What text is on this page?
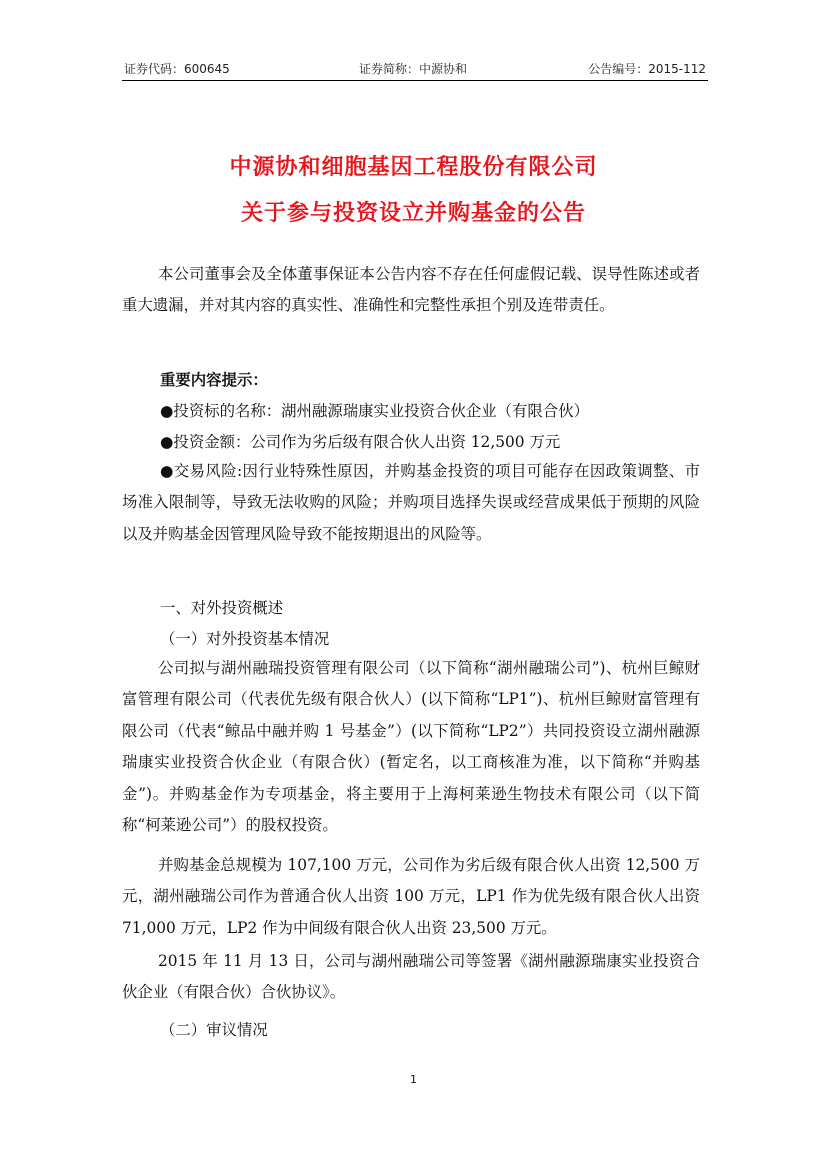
证券代码：600645	证券简称：中源协和	公告编号：2015-112
中源协和细胞基因工程股份有限公司
关于参与投资设立并购基金的公告
本公司董事会及全体董事保证本公告内容不存在任何虚假记载、误导性陈述或者重大遗漏，并对其内容的真实性、准确性和完整性承担个别及连带责任。
重要内容提示：
●投资标的名称：湖州融源瑞康实业投资合伙企业（有限合伙）
●投资金额：公司作为劣后级有限合伙人出资 12,500 万元
●交易风险:因行业特殊性原因，并购基金投资的项目可能存在因政策调整、市场准入限制等，导致无法收购的风险；并购项目选择失误或经营成果低于预期的风险以及并购基金因管理风险导致不能按期退出的风险等。
一、对外投资概述
（一）对外投资基本情况
公司拟与湖州融瑞投资管理有限公司（以下简称“湖州融瑞公司”)、杭州巨鲸财富管理有限公司（代表优先级有限合伙人）(以下简称“LP1”)、杭州巨鲸财富管理有限公司（代表“鲸品中融并购 1 号基金”）(以下简称“LP2”）共同投资设立湖州融源瑞康实业投资合伙企业（有限合伙）(暂定名，以工商核准为准，以下简称“并购基金”)。并购基金作为专项基金，将主要用于上海柯莱逊生物技术有限公司（以下简称“柯莱逊公司”）的股权投资。
并购基金总规模为 107,100 万元，公司作为劣后级有限合伙人出资 12,500 万元，湖州融瑞公司作为普通合伙人出资 100 万元，LP1 作为优先级有限合伙人出资 71,000 万元，LP2 作为中间级有限合伙人出资 23,500 万元。
2015 年 11 月 13 日，公司与湖州融瑞公司等签署《湖州融源瑞康实业投资合伙企业（有限合伙）合伙协议》。
（二）审议情况
1
